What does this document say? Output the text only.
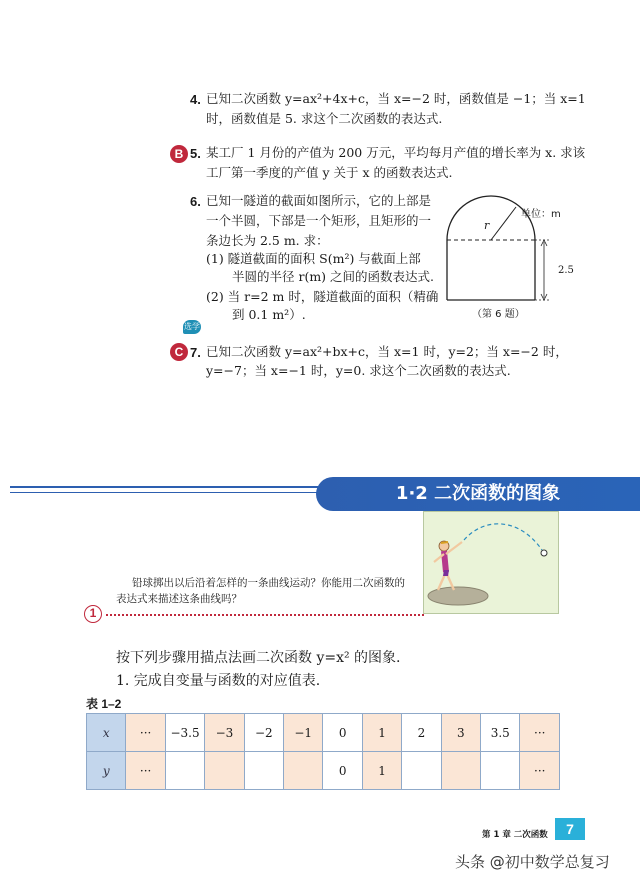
4. 已知二次函数 y=ax²+4x+c，当 x=−2 时，函数值是 −1；当 x=1
时，函数值是 5. 求这个二次函数的表达式.
B 5. 某工厂 1 月份的产值为 200 万元，平均每月产值的增长率为 x. 求该
工厂第一季度的产值 y 关于 x 的函数表达式.
6. 已知一隧道的截面如图所示，它的上部是
一个半圆，下部是一个矩形，且矩形的一
条边长为 2.5 m. 求：
(1) 隧道截面的面积 S(m²) 与截面上部
半圆的半径 r(m) 之间的函数表达式.
(2) 当 r=2 m 时，隧道截面的面积（精确
到 0.1 m²）.
单位：m
r
2.5
（第 6 题）
选学
C 7. 已知二次函数 y=ax²+bx+c，当 x=1 时，y=2；当 x=−2 时，
y=−7；当 x=−1 时，y=0. 求这个二次函数的表达式.
1·2 二次函数的图象
铅球掷出以后沿着怎样的一条曲线运动？你能用二次函数的
表达式来描述这条曲线吗？
1
按下列步骤用描点法画二次函数 y=x² 的图象.
1. 完成自变量与函数的对应值表.
表 1–2
x	···	−3.5	−3	−2	−1	0	1	2	3	3.5	···
y	···					0	1				···
第 1 章 二次函数	7
头条 @初中数学总复习
